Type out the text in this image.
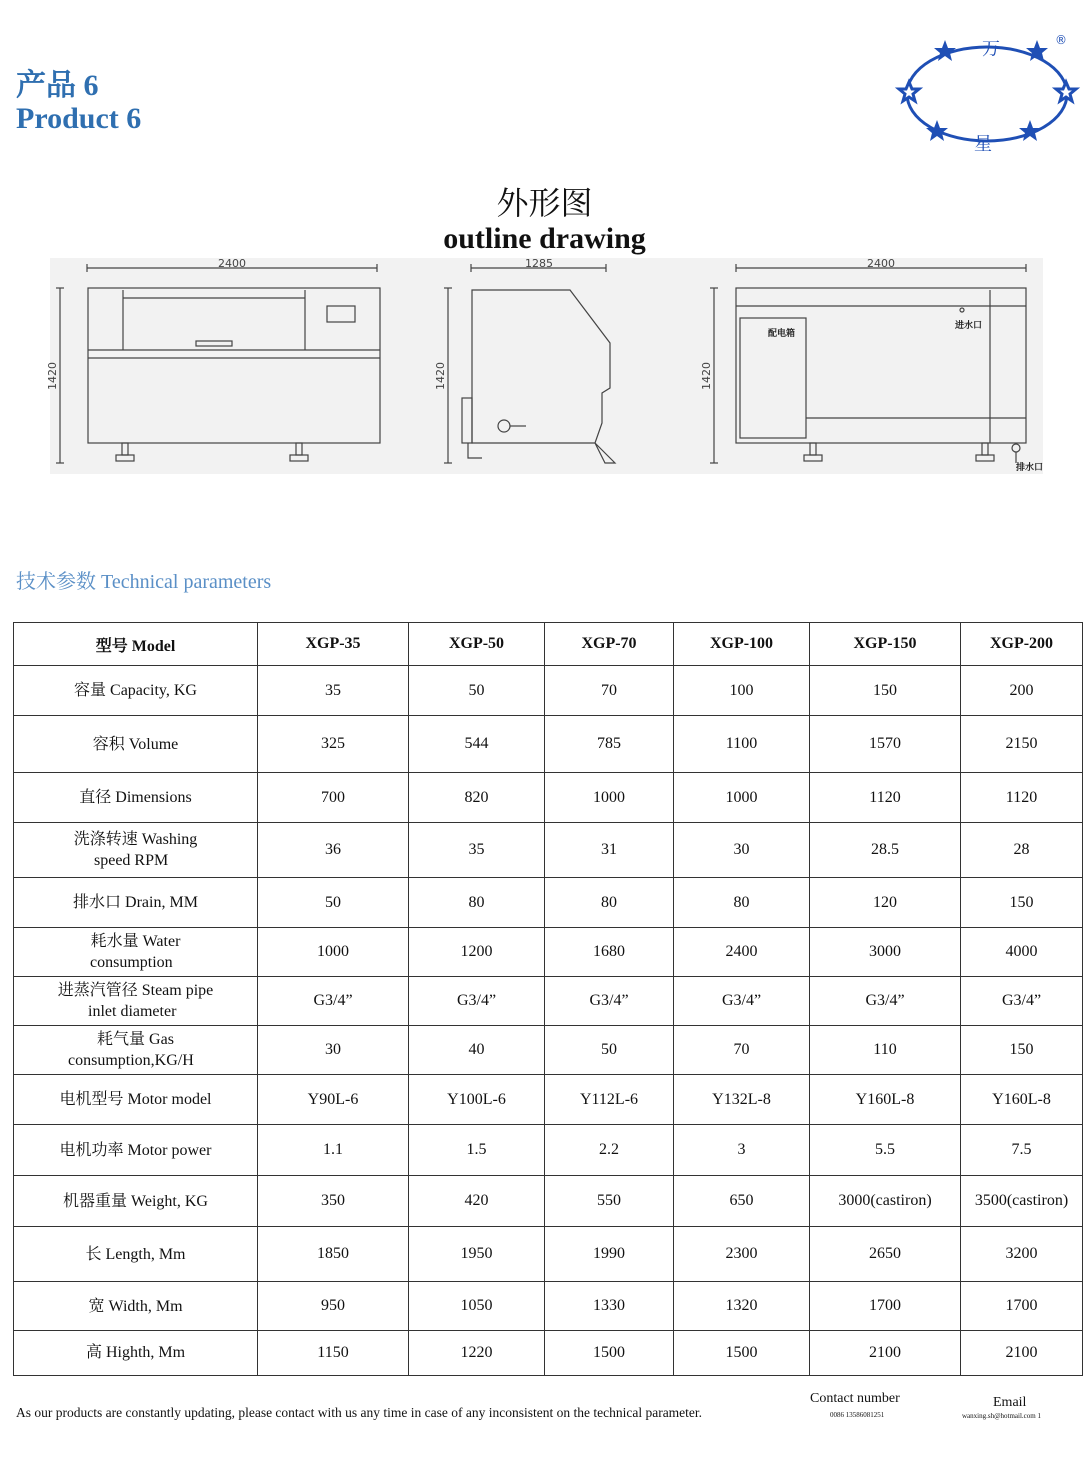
产品 6
Product 6
万
星
®
外形图
outline drawing
2400	1285	2400
1420	1420	1420
配电箱
进水口
排水口
技术参数 Technical parameters
型号 Model	XGP-35	XGP-50	XGP-70	XGP-100	XGP-150	XGP-200
容量 Capacity, KG	35	50	70	100	150	200
容积 Volume	325	544	785	1100	1570	2150
直径 Dimensions	700	820	1000	1000	1120	1120

洗涤转速 Washing
speed RPM	36	35	31	30	28.5	28
排水口 Drain, MM	50	80	80	80	120	150

耗水量 Water
consumption	1000	1200	1680	2400	3000	4000

进蒸汽管径 Steam pipe
inlet diameter	G3/4”	G3/4”	G3/4”	G3/4”	G3/4”	G3/4”

耗气量 Gas
consumption,KG/H	30	40	50	70	110	150
电机型号 Motor model	Y90L-6	Y100L-6	Y112L-6	Y132L-8	Y160L-8	Y160L-8
电机功率 Motor power	1.1	1.5	2.2	3	5.5	7.5
机器重量 Weight, KG	350	420	550	650	3000(castiron)	3500(castiron)
长 Length, Mm	1850	1950	1990	2300	2650	3200
宽 Width, Mm	950	1050	1330	1320	1700	1700
高 Highth, Mm	1150	1220	1500	1500	2100	2100
As our products are constantly updating, please contact with us any time in case of any inconsistent on the technical parameter.
Contact number
0086 13586081251
Email
wanxing.sh@hotmail.com 1
